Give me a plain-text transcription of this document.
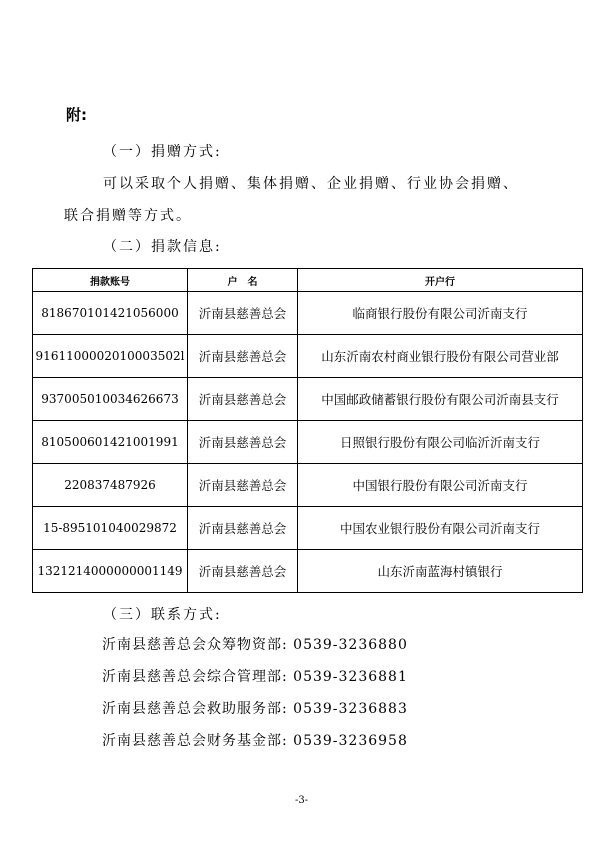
附:
（一）捐赠方式:
可以采取个人捐赠、集体捐赠、企业捐赠、行业协会捐赠、
联合捐赠等方式。
（二）捐款信息:
捐款账号	户　名	开户行
818670101421056000	沂南县慈善总会	临商银行股份有限公司沂南支行
9161100002010003502l	沂南县慈善总会	山东沂南农村商业银行股份有限公司营业部
937005010034626673	沂南县慈善总会	中国邮政储蓄银行股份有限公司沂南县支行
810500601421001991	沂南县慈善总会	日照银行股份有限公司临沂沂南支行
220837487926	沂南县慈善总会	中国银行股份有限公司沂南支行
15-895101040029872	沂南县慈善总会	中国农业银行股份有限公司沂南支行
1321214000000001149	沂南县慈善总会	山东沂南蓝海村镇银行
（三）联系方式:
沂南县慈善总会众筹物资部: 0539-3236880
沂南县慈善总会综合管理部: 0539-3236881
沂南县慈善总会救助服务部: 0539-3236883
沂南县慈善总会财务基金部: 0539-3236958
-3-
